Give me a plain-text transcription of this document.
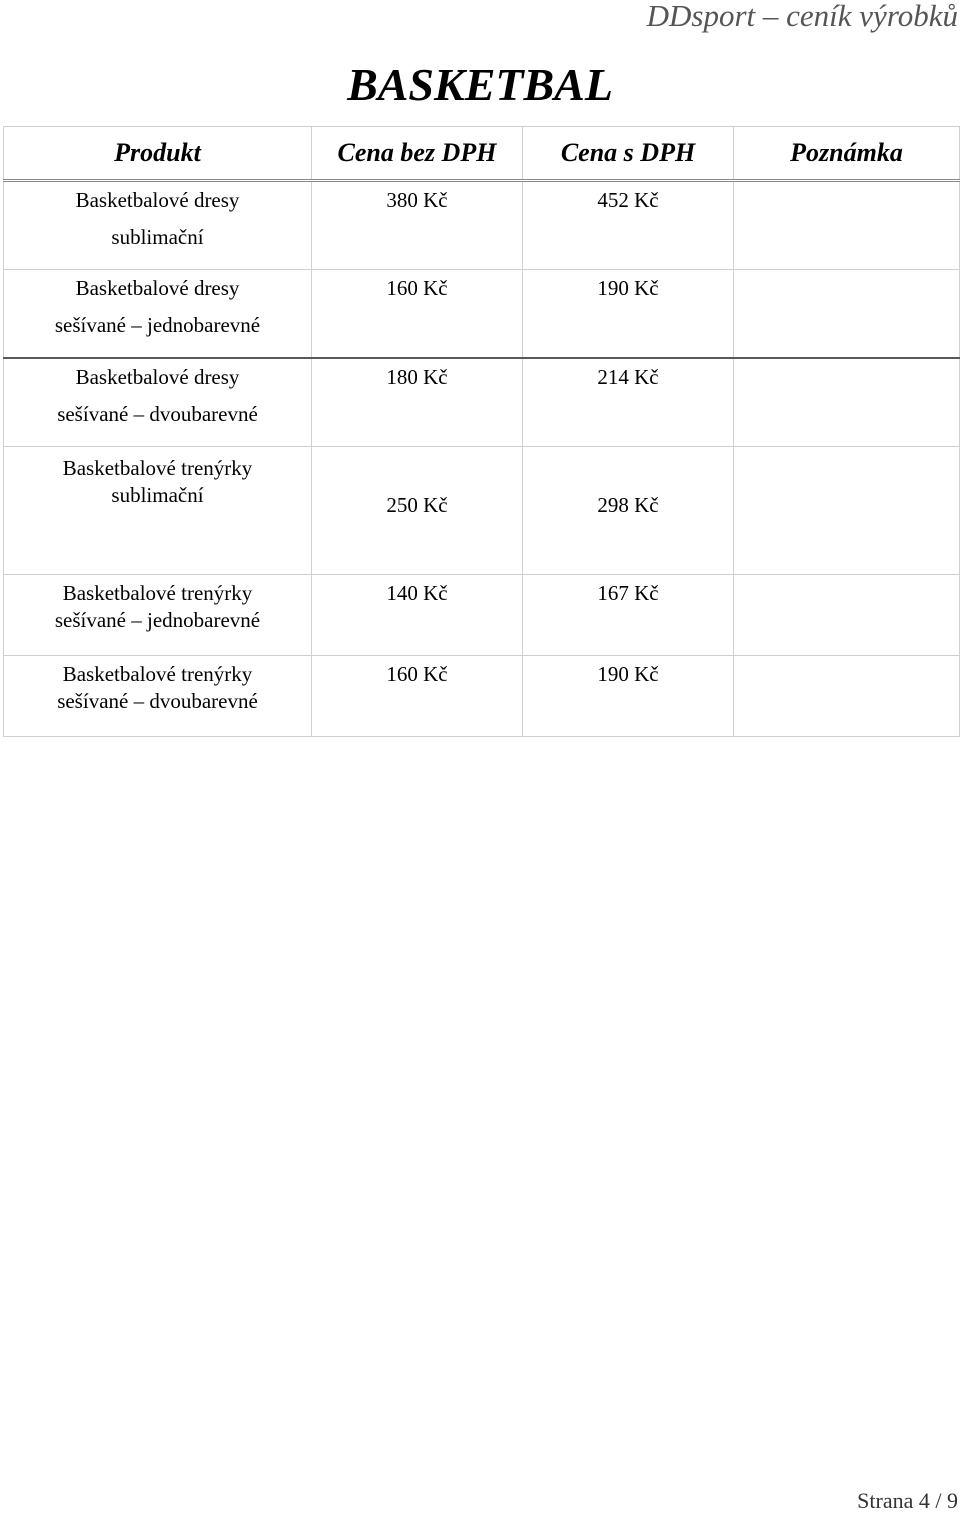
DDsport – ceník výrobků
BASKETBAL
Produkt	Cena bez DPH	Cena s DPH	Poznámka

Basketbalové dresy
sublimační	380 Kč	452 Kč	

Basketbalové dresy
sešívané – jednobarevné	160 Kč	190 Kč	

Basketbalové dresy
sešívané – dvoubarevné	180 Kč	214 Kč	

Basketbalové trenýrky
sublimační	250 Kč	298 Kč	

Basketbalové trenýrky
sešívané – jednobarevné	140 Kč	167 Kč	

Basketbalové trenýrky
sešívané – dvoubarevné	160 Kč	190 Kč	
Strana 4 / 9
